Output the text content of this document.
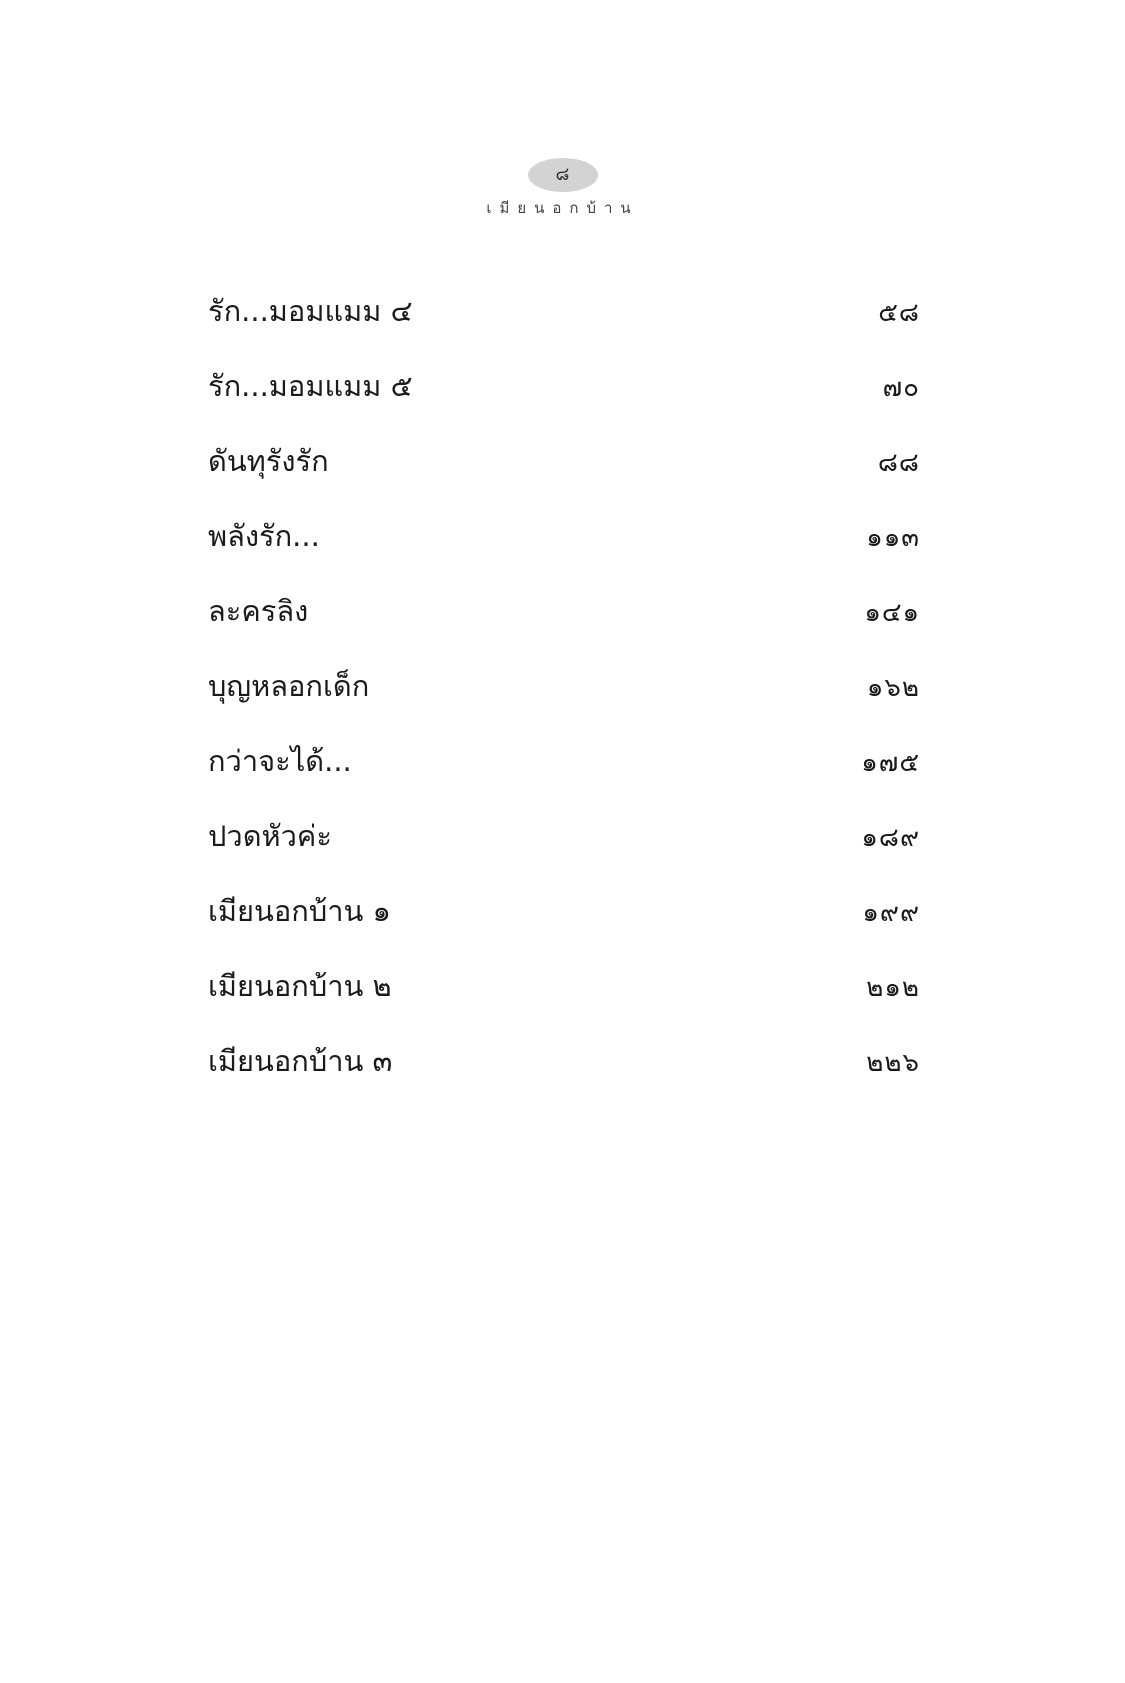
๘
เมียนอกบ้าน
รัก...มอมแมม ๔	๕๘
รัก...มอมแมม ๕	๗๐
ดันทุรังรัก	๘๘
พลังรัก...	๑๑๓
ละครลิง	๑๔๑
บุญหลอกเด็ก	๑๖๒
กว่าจะได้...	๑๗๕
ปวดหัวค่ะ	๑๘๙
เมียนอกบ้าน ๑	๑๙๙
เมียนอกบ้าน ๒	๒๑๒
เมียนอกบ้าน ๓	๒๒๖
